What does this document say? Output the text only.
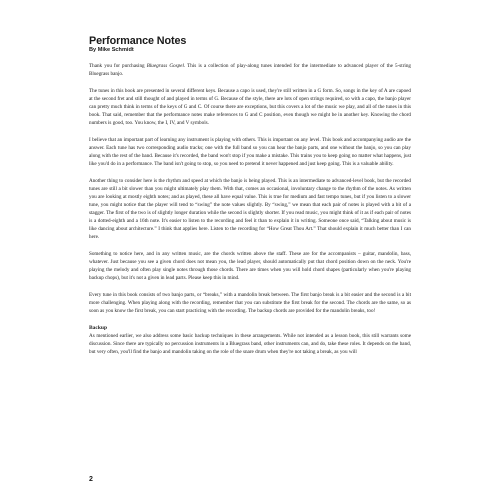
Performance Notes
By Mike Schmidt

Thank you for purchasing Bluegrass Gospel. This is a collection of play-along tunes intended for the intermediate to advanced player of the 5-string Bluegrass banjo.

The tunes in this book are presented in several different keys. Because a capo is used, they're still written in a G form. So, songs in the key of A are capoed at the second fret and still thought of and played in terms of G. Because of the style, there are lots of open strings required, so with a capo, the banjo player can pretty much think in terms of the keys of G and C. Of course there are exceptions, but this covers a lot of the music we play, and all of the tunes in this book. That said, remember that the performance notes make references to G and C position, even though we might be in another key. Knowing the chord numbers is good, too. You know, the I, IV, and V symbols.

I believe that an important part of learning any instrument is playing with others. This is important on any level. This book and accompanying audio are the answer. Each tune has two corresponding audio tracks; one with the full band so you can hear the banjo parts, and one without the banjo, so you can play along with the rest of the band. Because it's recorded, the band won't stop if you make a mistake. This trains you to keep going no matter what happens, just like you'd do in a performance. The band isn't going to stop, so you need to pretend it never happened and just keep going. This is a valuable ability.

Another thing to consider here is the rhythm and speed at which the banjo is being played. This is an intermediate to advanced-level book, but the recorded tunes are still a bit slower than you might ultimately play them. With that, comes an occasional, involuntary change to the rhythm of the notes. As written you are looking at mostly eighth notes; and as played, these all have equal value. This is true for medium and fast tempo tunes, but if you listen to a slower tune, you might notice that the player will tend to “swing” the note values slightly. By “swing,” we mean that each pair of notes is played with a bit of a stagger. The first of the two is of slightly longer duration while the second is slightly shorter. If you read music, you might think of it as if each pair of notes is a dotted-eighth and a 16th note. It's easier to listen to the recording and feel it than to explain it in writing. Someone once said, “Talking about music is like dancing about architecture.” I think that applies here. Listen to the recording for “How Great Thou Art.” That should explain it much better than I can here.

Something to notice here, and in any written music, are the chords written above the staff. These are for the accompanists – guitar, mandolin, bass, whatever. Just because you see a given chord does not mean you, the lead player, should automatically put that chord position down on the neck. You're playing the melody and often play single notes through those chords. There are times when you will hold chord shapes (particularly when you're playing backup chops), but it's not a given in lead parts. Please keep this in mind.

Every tune in this book consists of two banjo parts, or “breaks,” with a mandolin break between. The first banjo break is a bit easier and the second is a bit more challenging. When playing along with the recording, remember that you can substitute the first break for the second. The chords are the same, so as soon as you know the first break, you can start practicing with the recording. The backup chords are provided for the mandolin breaks, too!

Backup

As mentioned earlier, we also address some basic backup techniques in these arrangements. While not intended as a lesson book, this still warrants some discussion. Since there are typically no percussion instruments in a Bluegrass band, other instruments can, and do, take these roles. It depends on the band, but very often, you'll find the banjo and mandolin taking on the role of the snare drum when they're not taking a break, as you will

2
